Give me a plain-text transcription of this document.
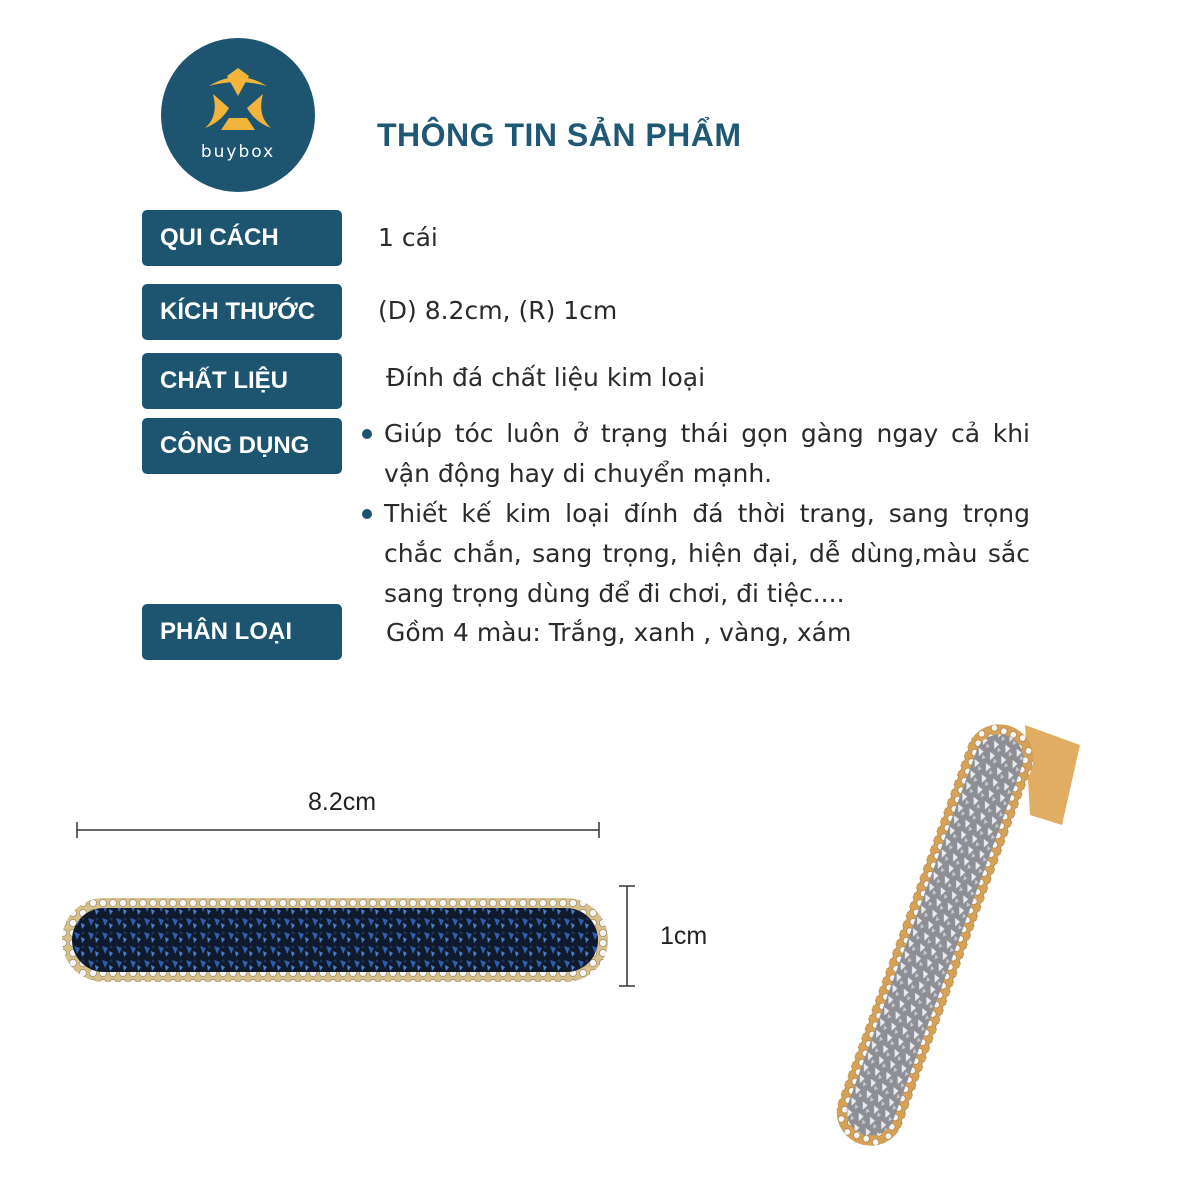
buybox	THÔNG TIN SẢN PHẨM
QUI CÁCH	1 cái
KÍCH THƯỚC	(D) 8.2cm, (R) 1cm
CHẤT LIỆU	Đính đá chất liệu kim loại
CÔNG DỤNG	Giúp tóc luôn ở trạng thái gọn gàng ngay cả khi vận động hay di chuyển mạnh.
Thiết kế kim loại đính đá thời trang, sang trọng chắc chắn, sang trọng, hiện đại, dễ dùng,màu sắc sang trọng dùng để đi chơi, đi tiệc....
PHÂN LOẠI	Gồm 4 màu: Trắng, xanh , vàng, xám
8.2cm
1cm
